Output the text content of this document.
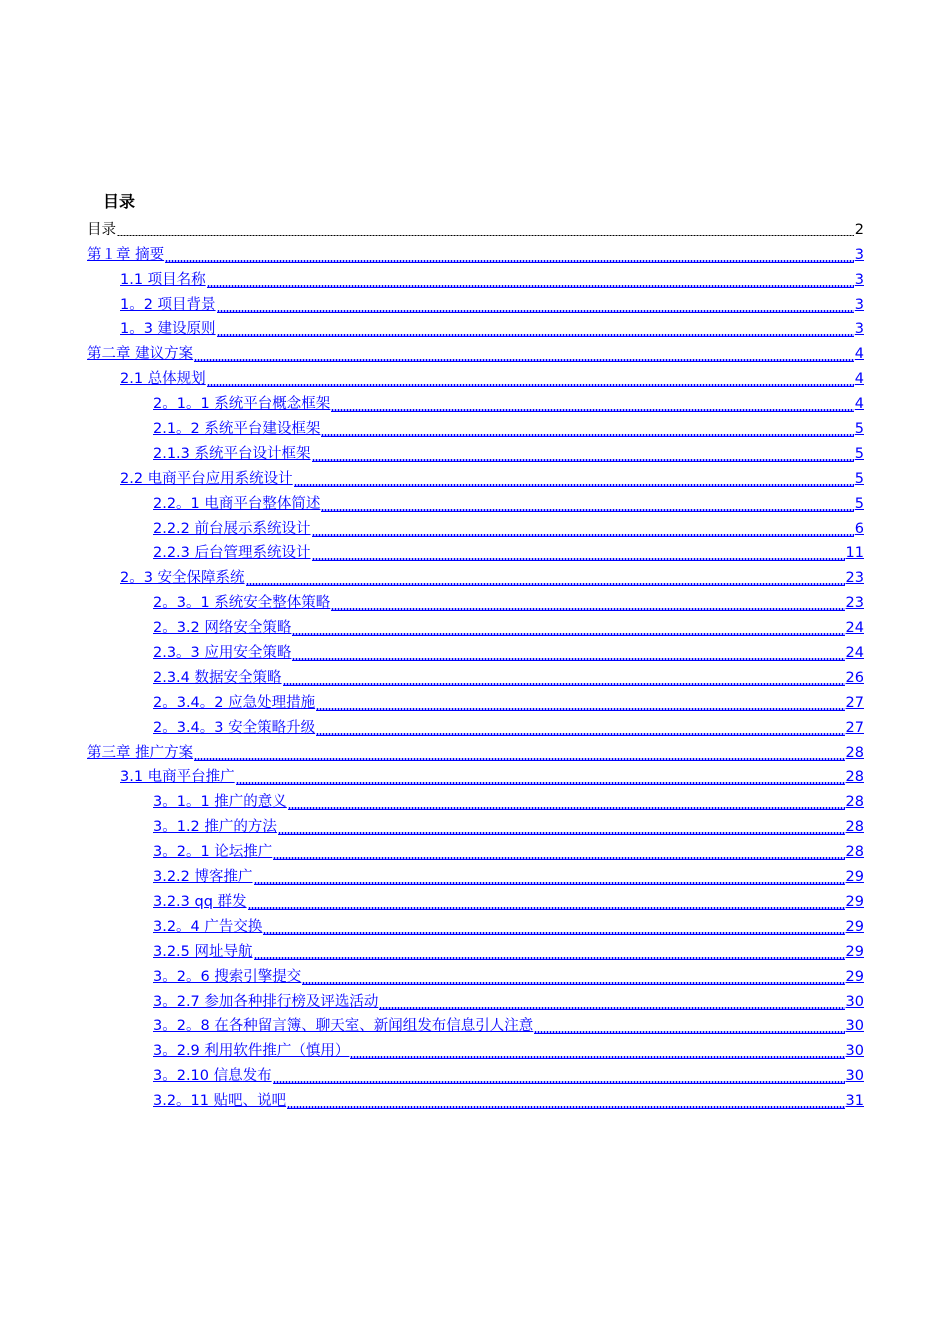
目录
目录	2
第１章 摘要	3
1.1 项目名称	3
1。2 项目背景	3
1。3 建设原则	3
第二章 建议方案	4
2.1 总体规划	4
2。1。1 系统平台概念框架	4
2.1。2 系统平台建设框架	5
2.1.3 系统平台设计框架	5
2.2 电商平台应用系统设计	5
2.2。1 电商平台整体简述	5
2.2.2 前台展示系统设计	6
2.2.3 后台管理系统设计	11
2。3 安全保障系统	23
2。3。1 系统安全整体策略	23
2。3.2 网络安全策略	24
2.3。3 应用安全策略	24
2.3.4 数据安全策略	26
2。3.4。2 应急处理措施	27
2。3.4。3 安全策略升级	27
第三章 推广方案	28
3.1 电商平台推广	28
3。1。1 推广的意义	28
3。1.2 推广的方法	28
3。2。1 论坛推广	28
3.2.2 博客推广	29
3.2.3 qq 群发	29
3.2。4 广告交换	29
3.2.5 网址导航	29
3。2。6 搜索引擎提交	29
3。2.7 参加各种排行榜及评选活动	30
3。2。8 在各种留言簿、聊天室、新闻组发布信息引人注意	30
3。2.9 利用软件推广（慎用）	30
3。2.10 信息发布	30
3.2。11 贴吧、说吧	31
